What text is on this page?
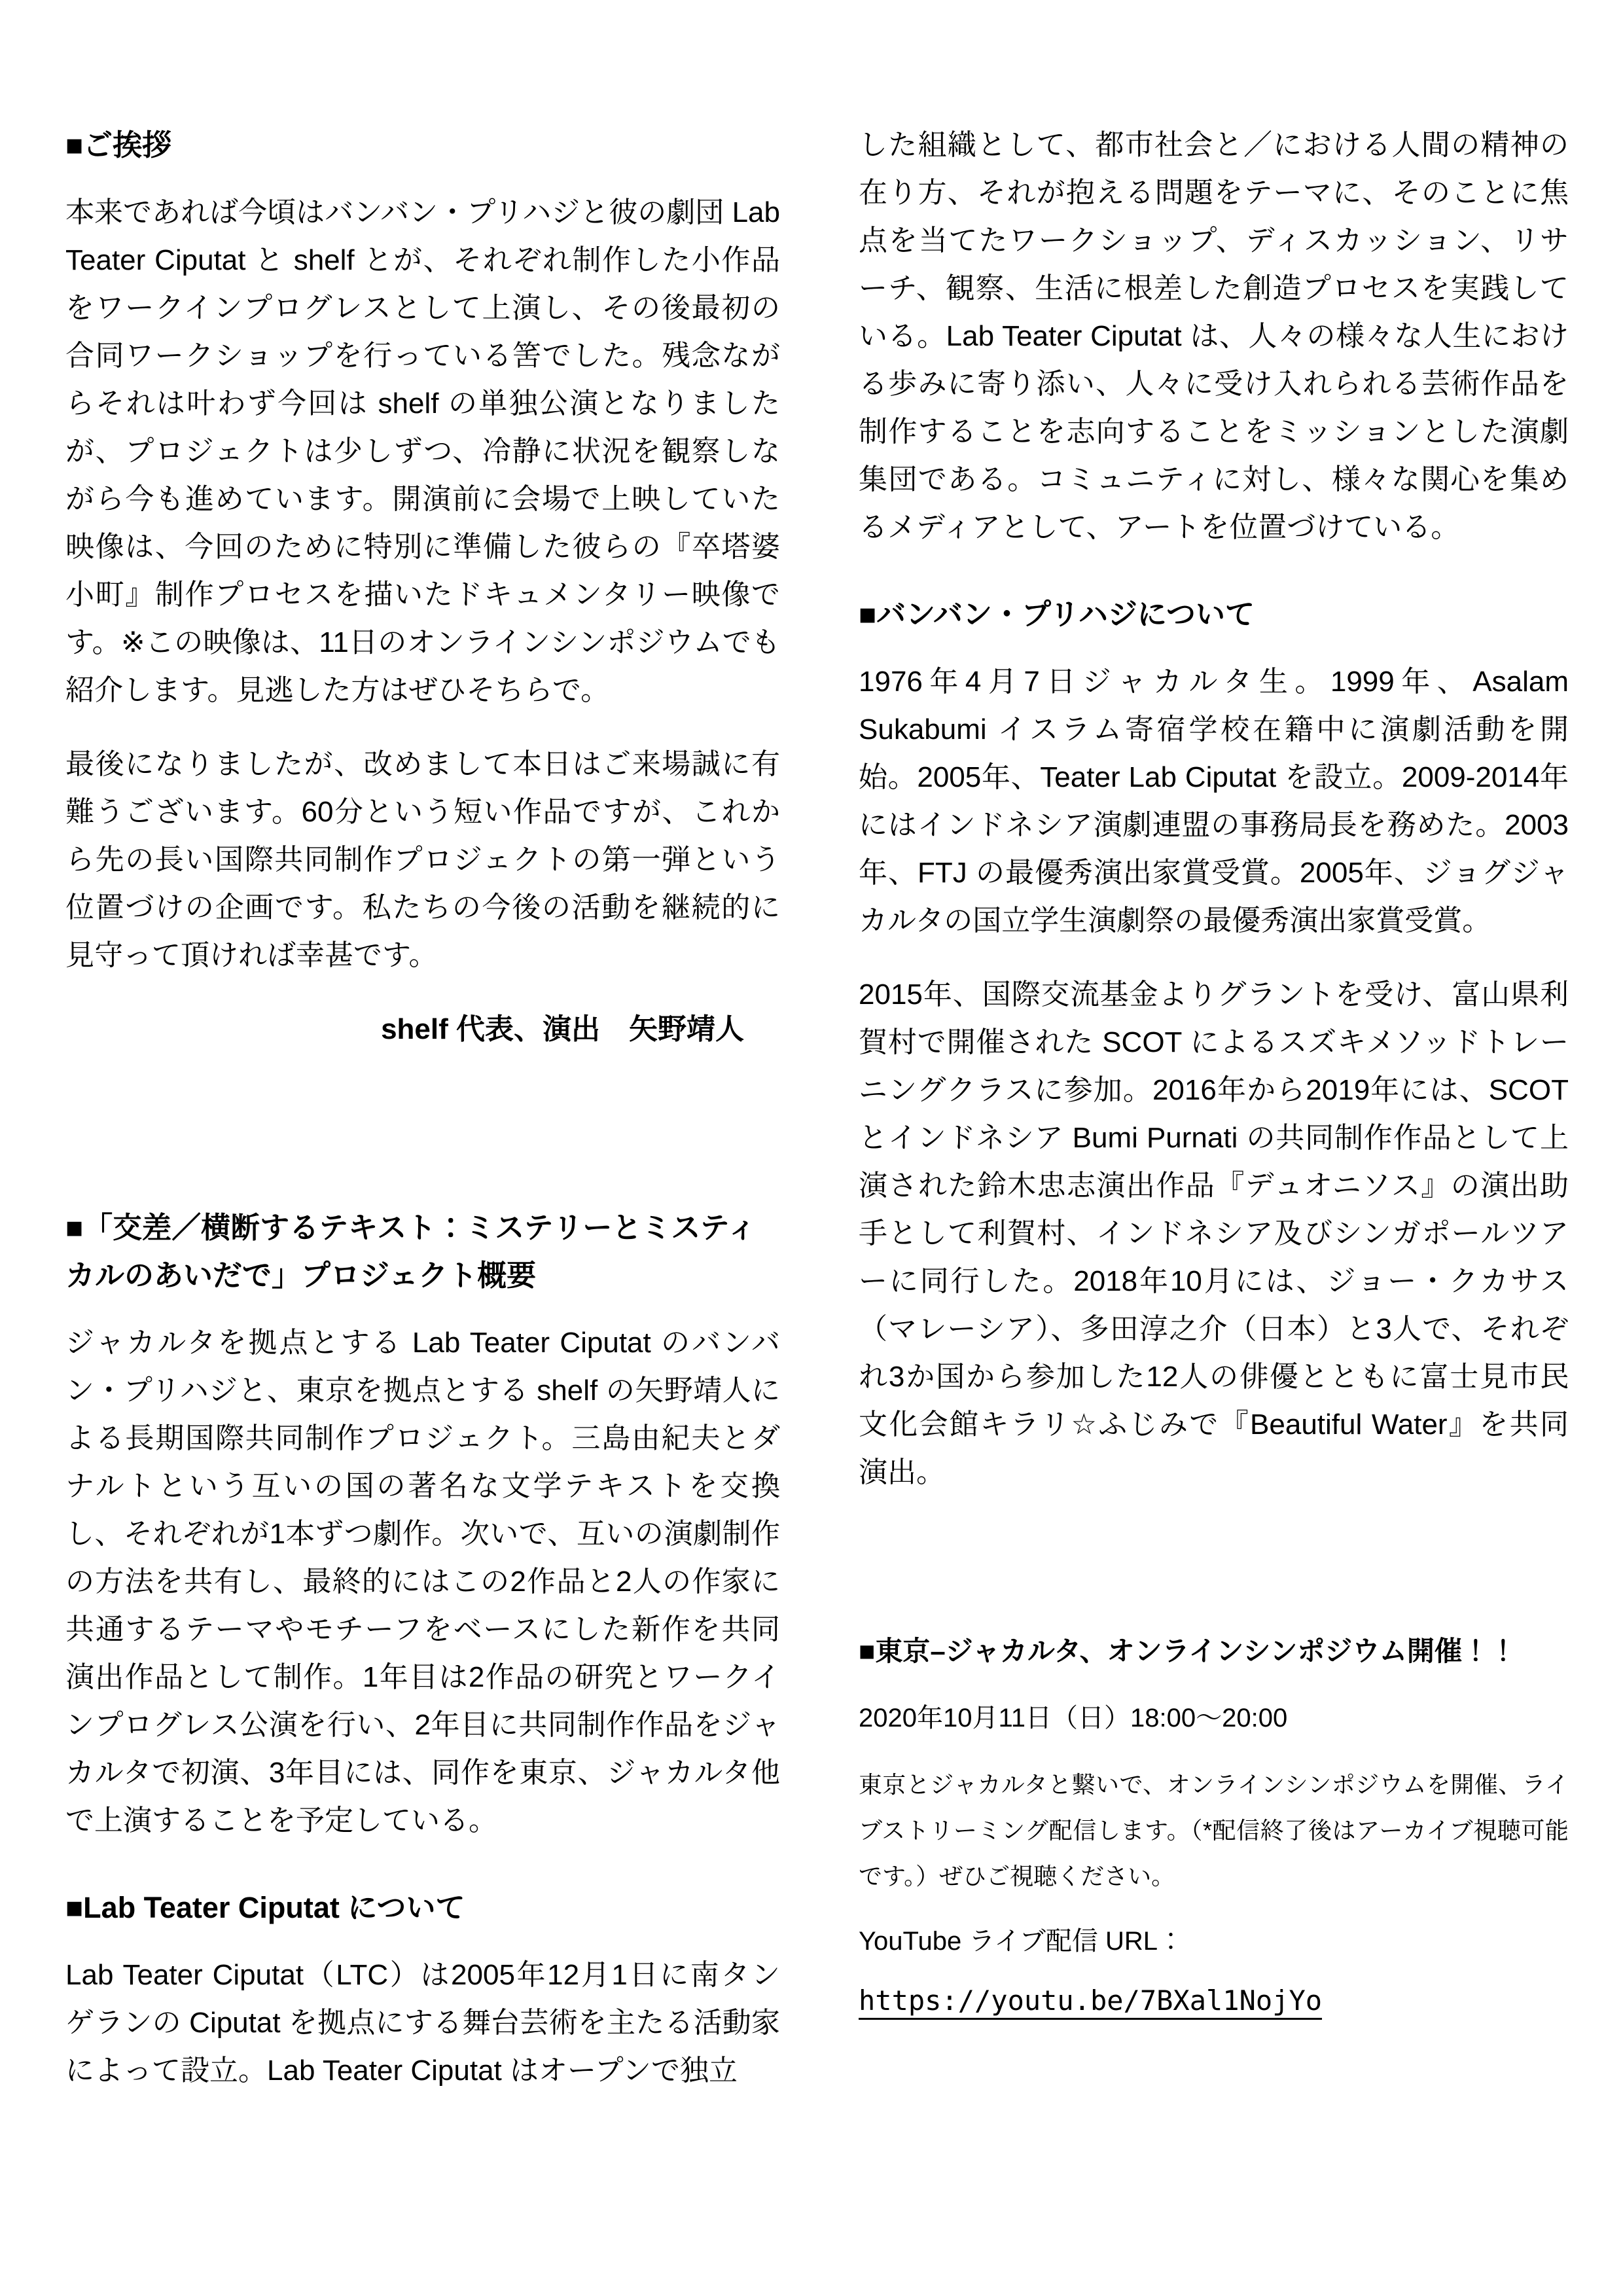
■ご挨拶

本来であれば今頃はバンバン・プリハジと彼の劇団 Lab Teater Ciputat と shelf とが、それぞれ制作した小作品をワークインプログレスとして上演し、その後最初の合同ワークショップを行っている筈でした。残念ながらそれは叶わず今回は shelf の単独公演となりましたが、プロジェクトは少しずつ、冷静に状況を観察しながら今も進めています。開演前に会場で上映していた映像は、今回のために特別に準備した彼らの『卒塔婆小町』制作プロセスを描いたドキュメンタリー映像です。※この映像は、11日のオンラインシンポジウムでも紹介します。見逃した方はぜひそちらで。

最後になりましたが、改めまして本日はご来場誠に有難うございます。60分という短い作品ですが、これから先の長い国際共同制作プロジェクトの第一弾という位置づけの企画です。私たちの今後の活動を継続的に見守って頂ければ幸甚です。

shelf 代表、演出　矢野靖人

■「交差／横断するテキスト：ミステリーとミスティカルのあいだで」プロジェクト概要

ジャカルタを拠点とする Lab Teater Ciputat のバンバン・プリハジと、東京を拠点とする shelf の矢野靖人による長期国際共同制作プロジェクト。三島由紀夫とダナルトという互いの国の著名な文学テキストを交換し、それぞれが1本ずつ劇作。次いで、互いの演劇制作の方法を共有し、最終的にはこの2作品と2人の作家に共通するテーマやモチーフをベースにした新作を共同演出作品として制作。1年目は2作品の研究とワークインプログレス公演を行い、2年目に共同制作作品をジャカルタで初演、3年目には、同作を東京、ジャカルタ他で上演することを予定している。

■Lab Teater Ciputat について

Lab Teater Ciputat（LTC）は2005年12月1日に南タンゲランの Ciputat を拠点にする舞台芸術を主たる活動家によって設立。Lab Teater Ciputat はオープンで独立

した組織として、都市社会と／における人間の精神の在り方、それが抱える問題をテーマに、そのことに焦点を当てたワークショップ、ディスカッション、リサーチ、観察、生活に根差した創造プロセスを実践している。Lab Teater Ciputat は、人々の様々な人生における歩みに寄り添い、人々に受け入れられる芸術作品を制作することを志向することをミッションとした演劇集団である。コミュニティに対し、様々な関心を集めるメディアとして、アートを位置づけている。

■バンバン・プリハジについて

1976年4月7日ジャカルタ生。1999年、Asalam Sukabumi イスラム寄宿学校在籍中に演劇活動を開始。2005年、Teater Lab Ciputat を設立。2009-2014年にはインドネシア演劇連盟の事務局長を務めた。2003年、FTJ の最優秀演出家賞受賞。2005年、ジョグジャカルタの国立学生演劇祭の最優秀演出家賞受賞。

2015年、国際交流基金よりグラントを受け、富山県利賀村で開催された SCOT によるスズキメソッドトレーニングクラスに参加。2016年から2019年には、SCOT とインドネシア Bumi Purnati の共同制作作品として上演された鈴木忠志演出作品『デュオニソス』の演出助手として利賀村、インドネシア及びシンガポールツアーに同行した。2018年10月には、ジョー・クカサス（マレーシア）、多田淳之介（日本）と3人で、それぞれ3か国から参加した12人の俳優とともに富士見市民文化会館キラリ☆ふじみで『Beautiful Water』を共同演出。

■東京–ジャカルタ、オンラインシンポジウム開催！！

2020年10月11日（日）18:00～20:00

東京とジャカルタと繋いで、オンラインシンポジウムを開催、ライブストリーミング配信します。（*配信終了後はアーカイブ視聴可能です。）ぜひご視聴ください。

YouTube ライブ配信 URL：

https://youtu.be/7BXal1NojYo
